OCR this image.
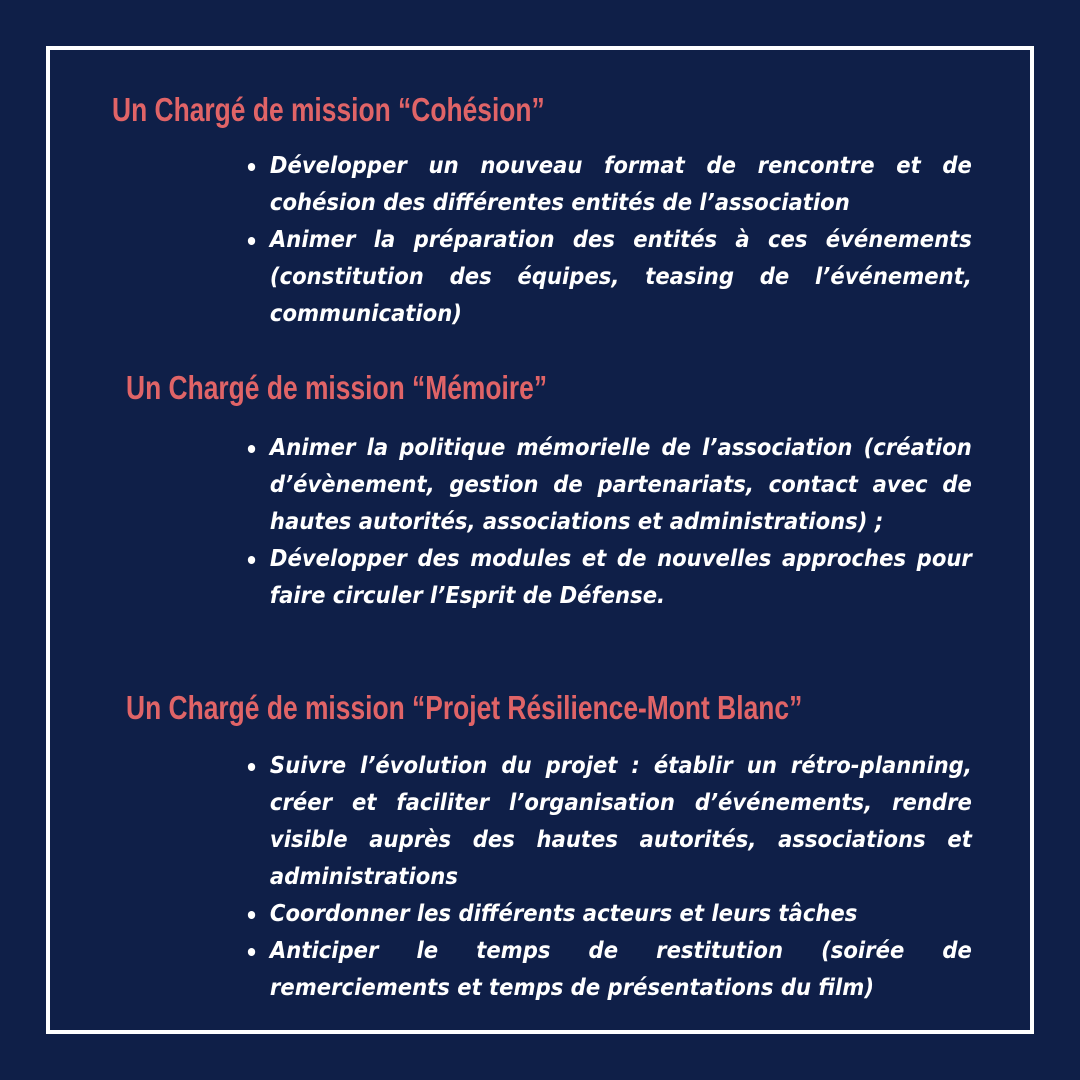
Un Chargé de mission “Cohésion”
Développer un nouveau format de rencontre et de cohésion des différentes entités de l’association
Animer la préparation des entités à ces événements (constitution des équipes, teasing de l’événement, communication)
Un Chargé de mission “Mémoire”
Animer la politique mémorielle de l’association (création d’évènement, gestion de partenariats, contact avec de hautes autorités, associations et administrations) ;
Développer des modules et de nouvelles approches pour faire circuler l’Esprit de Défense.
Un Chargé de mission “Projet Résilience-Mont Blanc”
Suivre l’évolution du projet : établir un rétro-planning, créer et faciliter l’organisation d’événements, rendre visible auprès des hautes autorités, associations et administrations
Coordonner les différents acteurs et leurs tâches
Anticiper le temps de restitution (soirée de remerciements et temps de présentations du film)
